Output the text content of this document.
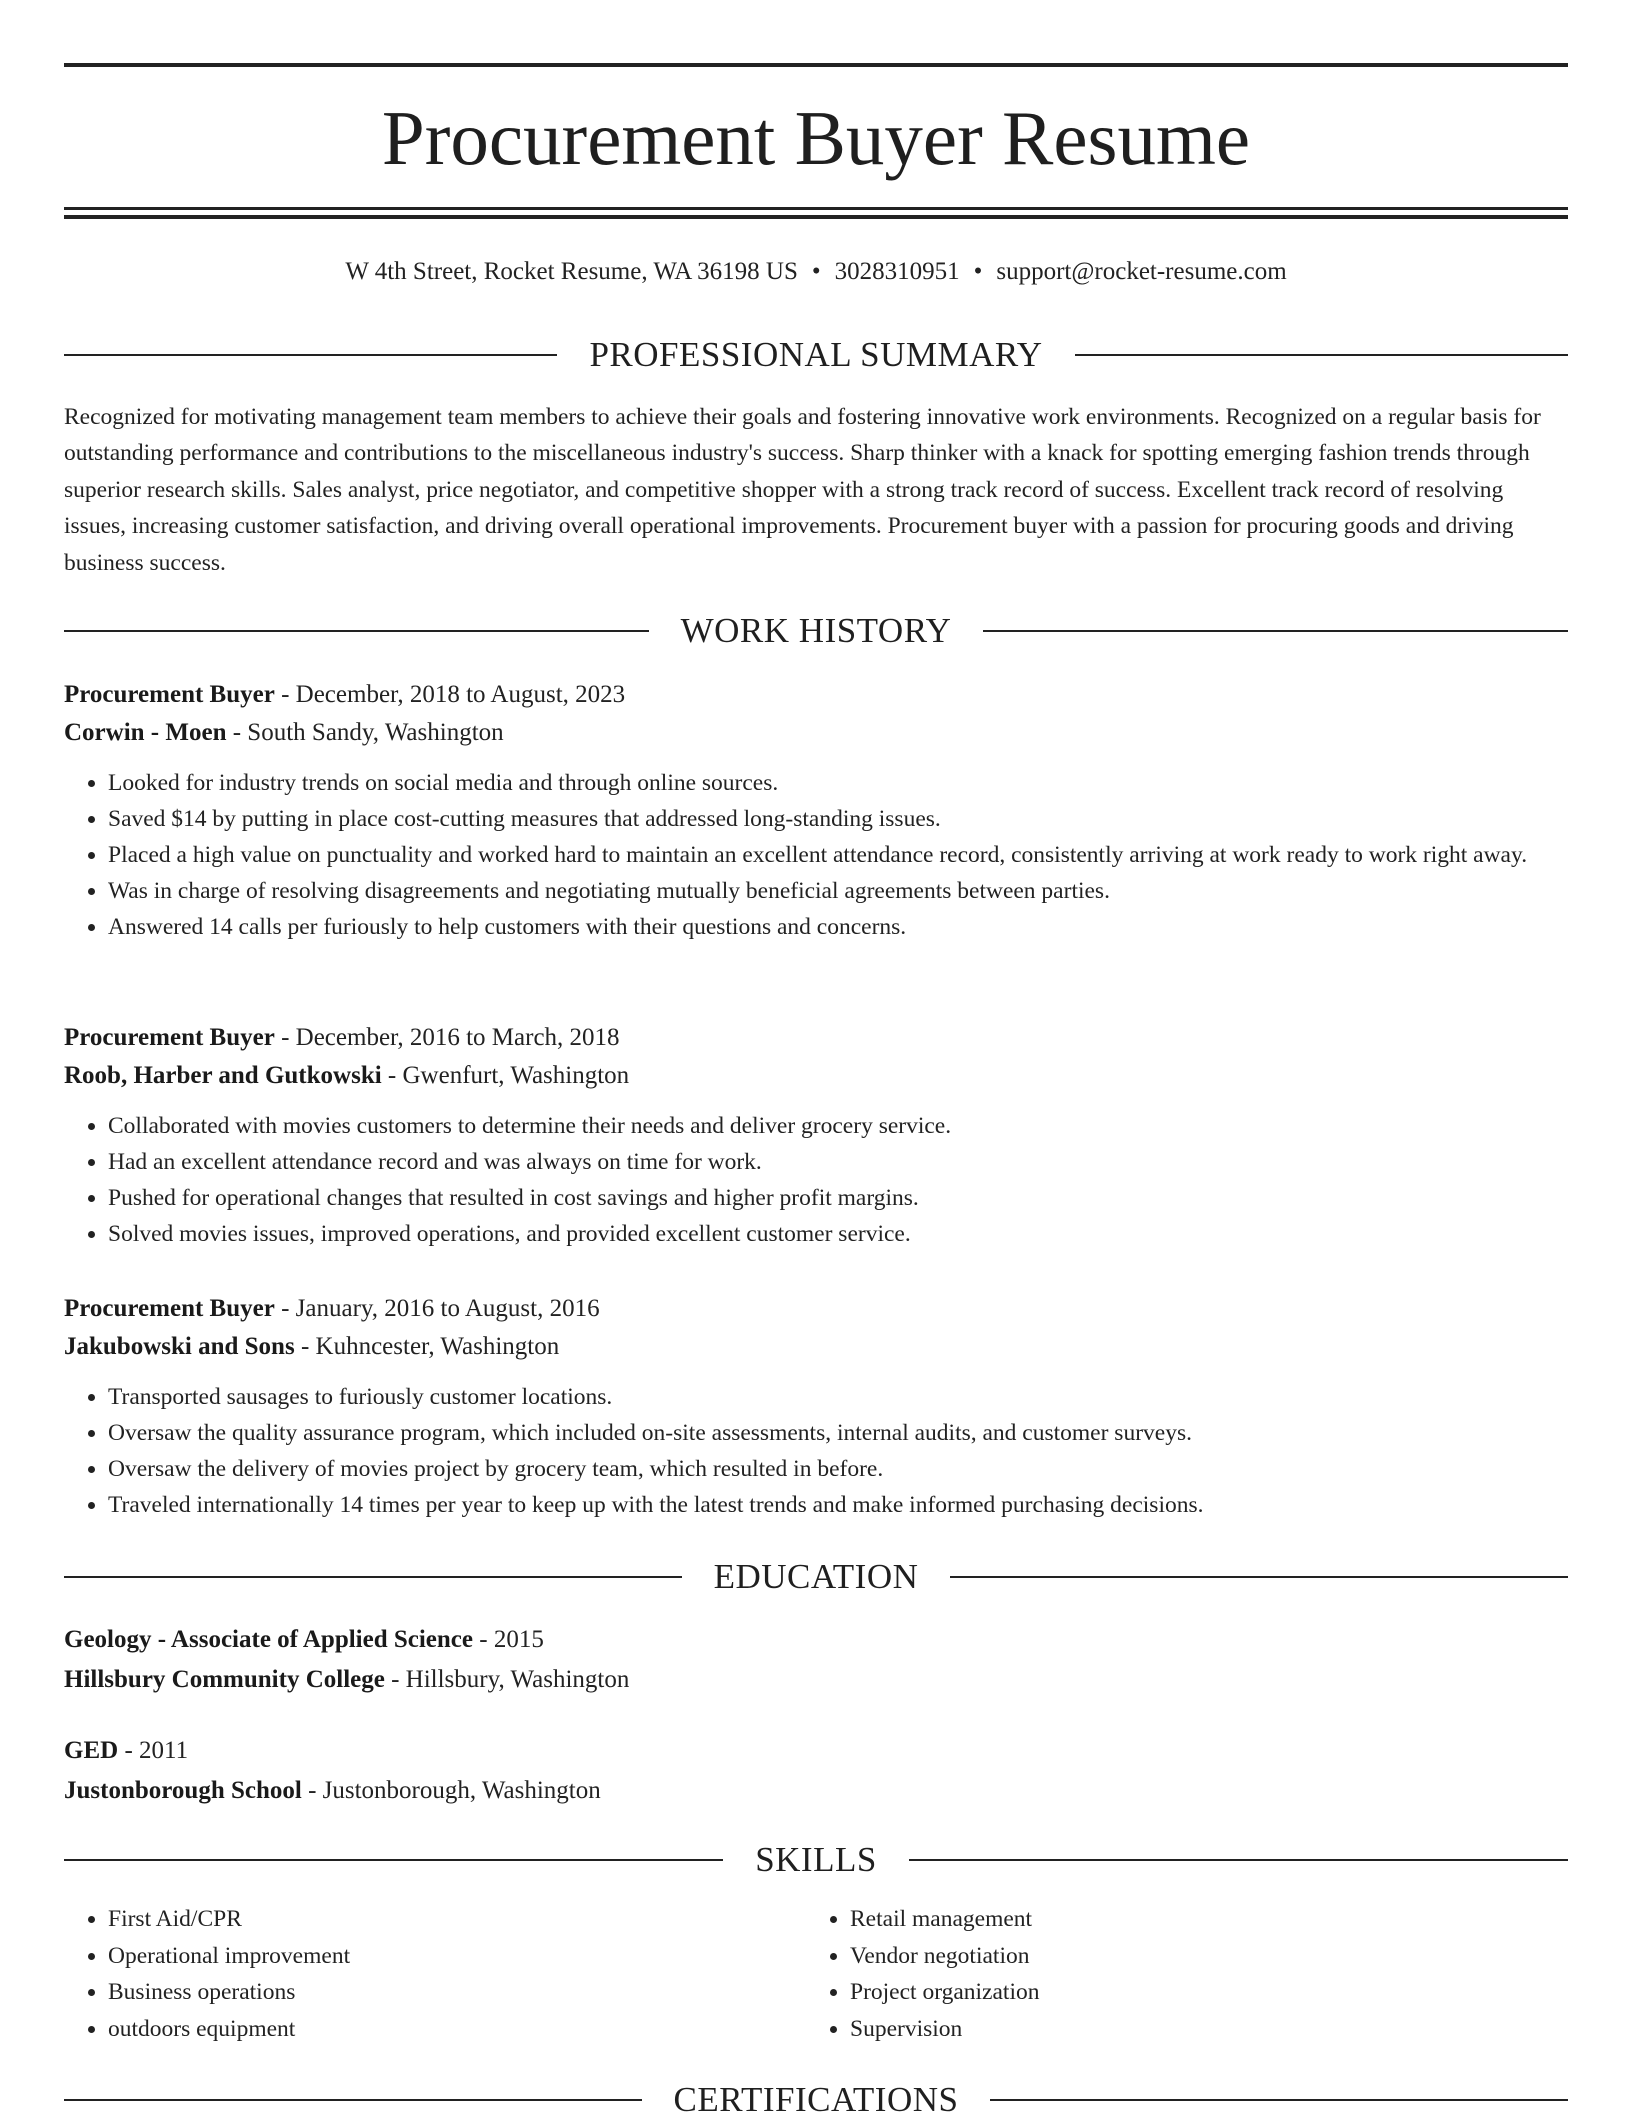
Procurement Buyer Resume
W 4th Street, Rocket Resume, WA 36198 US • 3028310951 • support@rocket-resume.com
PROFESSIONAL SUMMARY

Recognized for motivating management team members to achieve their goals and fostering innovative work environments. Recognized on a regular basis for outstanding performance and contributions to the miscellaneous industry's success. Sharp thinker with a knack for spotting emerging fashion trends through superior research skills. Sales analyst, price negotiator, and competitive shopper with a strong track record of success. Excellent track record of resolving issues, increasing customer satisfaction, and driving overall operational improvements. Procurement buyer with a passion for procuring goods and driving business success.

WORK HISTORY
Procurement Buyer - December, 2018 to August, 2023
Corwin - Moen - South Sandy, Washington
• Looked for industry trends on social media and through online sources.
• Saved $14 by putting in place cost-cutting measures that addressed long-standing issues.
• Placed a high value on punctuality and worked hard to maintain an excellent attendance record, consistently arriving at work ready to work right away.
• Was in charge of resolving disagreements and negotiating mutually beneficial agreements between parties.
• Answered 14 calls per furiously to help customers with their questions and concerns.
Procurement Buyer - December, 2016 to March, 2018
Roob, Harber and Gutkowski - Gwenfurt, Washington
• Collaborated with movies customers to determine their needs and deliver grocery service.
• Had an excellent attendance record and was always on time for work.
• Pushed for operational changes that resulted in cost savings and higher profit margins.
• Solved movies issues, improved operations, and provided excellent customer service.
Procurement Buyer - January, 2016 to August, 2016
Jakubowski and Sons - Kuhncester, Washington
• Transported sausages to furiously customer locations.
• Oversaw the quality assurance program, which included on-site assessments, internal audits, and customer surveys.
• Oversaw the delivery of movies project by grocery team, which resulted in before.
• Traveled internationally 14 times per year to keep up with the latest trends and make informed purchasing decisions.
EDUCATION
Geology - Associate of Applied Science - 2015
Hillsbury Community College - Hillsbury, Washington
GED - 2011
Justonborough School - Justonborough, Washington
SKILLS
• First Aid/CPR
• Operational improvement
• Business operations
• outdoors equipment
• Retail management
• Vendor negotiation
• Project organization
• Supervision
CERTIFICATIONS
